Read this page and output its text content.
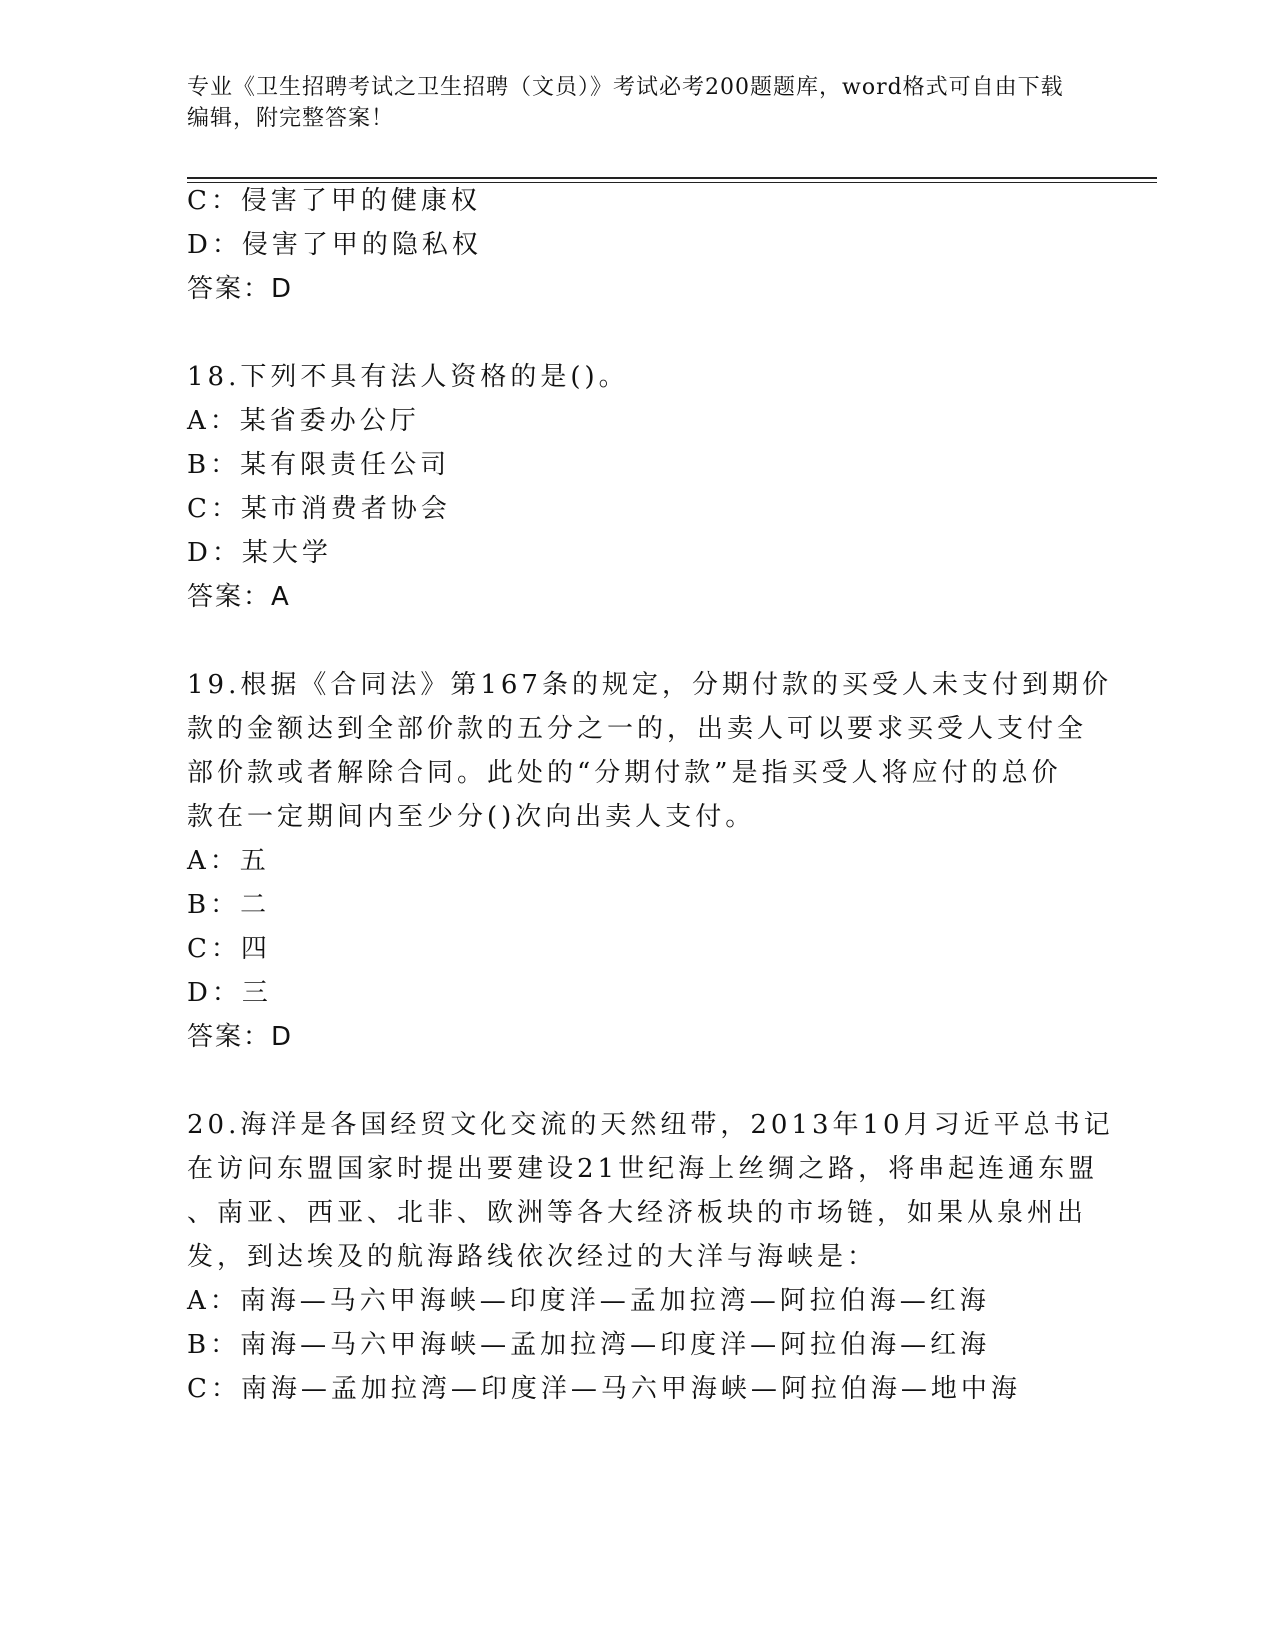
专业《卫生招聘考试之卫生招聘（文员）》考试必考200题题库，word格式可自由下载编辑，附完整答案！
C：侵害了甲的健康权
D：侵害了甲的隐私权
答案：D
18.下列不具有法人资格的是()。
A：某省委办公厅
B：某有限责任公司
C：某市消费者协会
D：某大学
答案：A
19.根据《合同法》第167条的规定，分期付款的买受人未支付到期价
款的金额达到全部价款的五分之一的，出卖人可以要求买受人支付全
部价款或者解除合同。此处的“分期付款”是指买受人将应付的总价
款在一定期间内至少分()次向出卖人支付。
A：五
B：二
C：四
D：三
答案：D
20.海洋是各国经贸文化交流的天然纽带，2013年10月习近平总书记
在访问东盟国家时提出要建设21世纪海上丝绸之路，将串起连通东盟
、南亚、西亚、北非、欧洲等各大经济板块的市场链，如果从泉州出
发，到达埃及的航海路线依次经过的大洋与海峡是：
A：南海—马六甲海峡—印度洋—孟加拉湾—阿拉伯海—红海
B：南海—马六甲海峡—孟加拉湾—印度洋—阿拉伯海—红海
C：南海—孟加拉湾—印度洋—马六甲海峡—阿拉伯海—地中海
